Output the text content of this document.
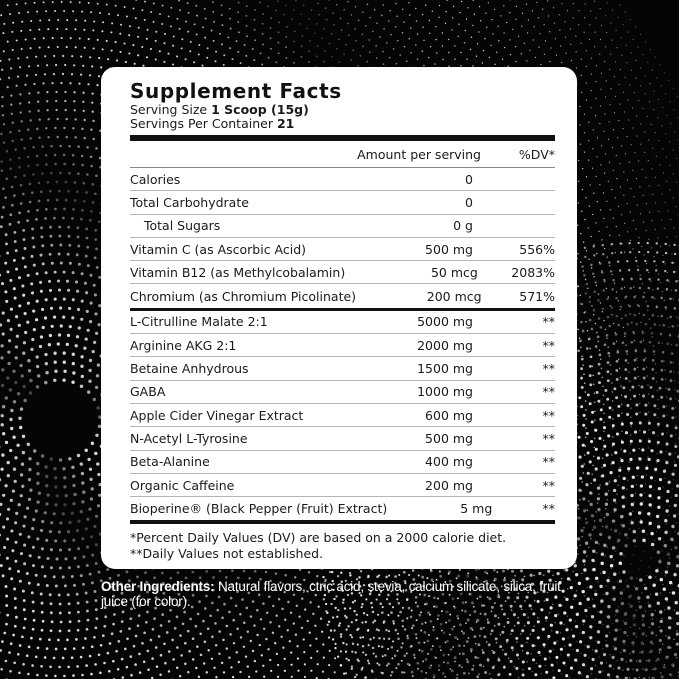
Supplement Facts
Serving Size 1 Scoop (15g)
Servings Per Container 21
Amount per serving	%DV*
Calories	0
Total Carbohydrate	0
Total Sugars	0 g
Vitamin C (as Ascorbic Acid)	500 mg	556%
Vitamin B12 (as Methylcobalamin)	50 mcg	2083%
Chromium (as Chromium Picolinate)	200 mcg	571%
L-Citrulline Malate 2:1	5000 mg	**
Arginine AKG 2:1	2000 mg	**
Betaine Anhydrous	1500 mg	**
GABA	1000 mg	**
Apple Cider Vinegar Extract	600 mg	**
N-Acetyl L-Tyrosine	500 mg	**
Beta-Alanine	400 mg	**
Organic Caffeine	200 mg	**
Bioperine® (Black Pepper (Fruit) Extract)	5 mg	**
*Percent Daily Values (DV) are based on a 2000 calorie diet.
**Daily Values not established.
Other Ingredients: Natural flavors, ctric acid, stevia, calcium silicate, silica, fruit juice (for color).
